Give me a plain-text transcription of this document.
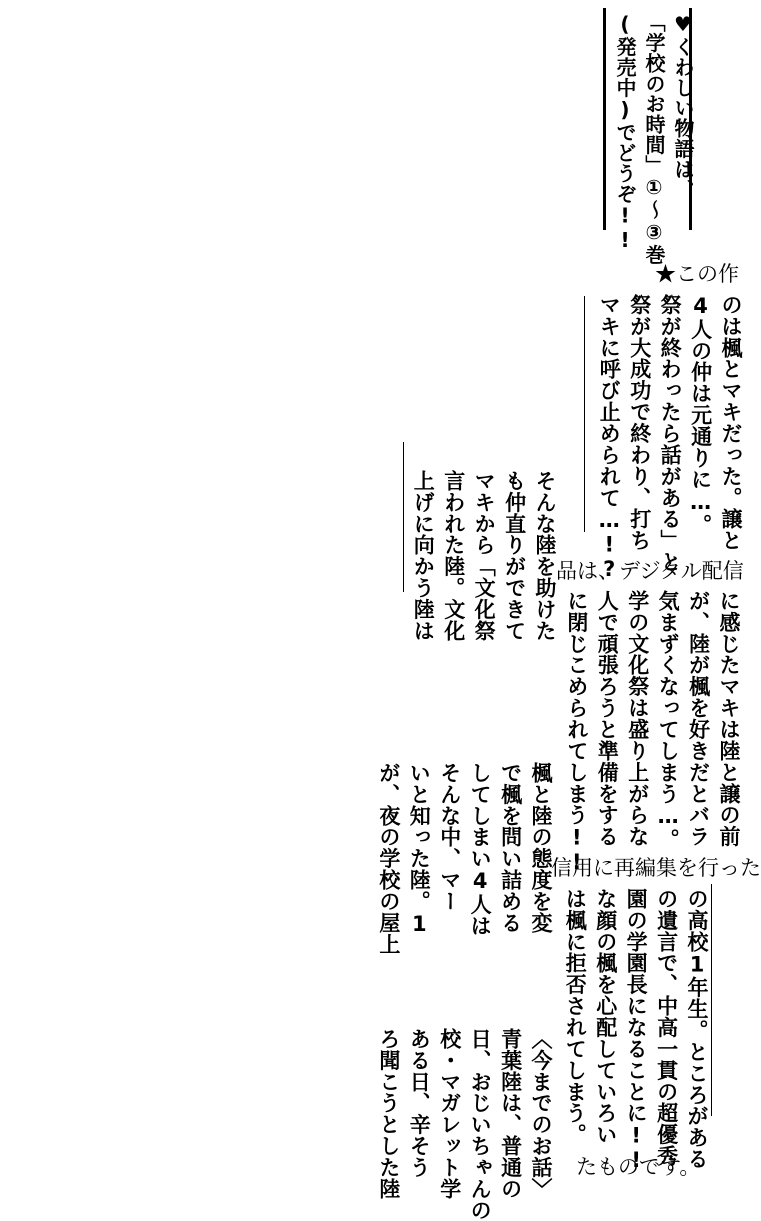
♥くわしい物語は、
「学校のお時間」①〜③巻
(発売中)でどうぞ!!
★この作
品は、デジタル配信
信用に再編集を行った
たものです。
のは楓とマキだった。譲と
4人の仲は元通りに…。
祭が終わったら話がある」と
祭が大成功で終わり、打ち
マキに呼び止められて…!?
そんな陸を助けた
も仲直りができて
マキから「文化祭
言われた陸。文化
上げに向かう陸は
に感じたマキは陸と譲の前
が、陸が楓を好きだとバラ
気まずくなってしまう…。
学の文化祭は盛り上がらな
人で頑張ろうと準備をする
に閉じこめられてしまう!!
楓と陸の態度を変
で楓を問い詰める
してしまい4人は
そんな中、マー
いと知った陸。1
が、夜の学校の屋上
の高校1年生。ところがある
の遺言で、中高一貫の超優秀
園の学園長になることに!!
な顔の楓を心配していろい
は楓に拒否されてしまう。
〈今までのお話〉
青葉陸は、普通の
日、おじいちゃんの
校・マガレット学
ある日、辛そう
ろ聞こうとした陸
